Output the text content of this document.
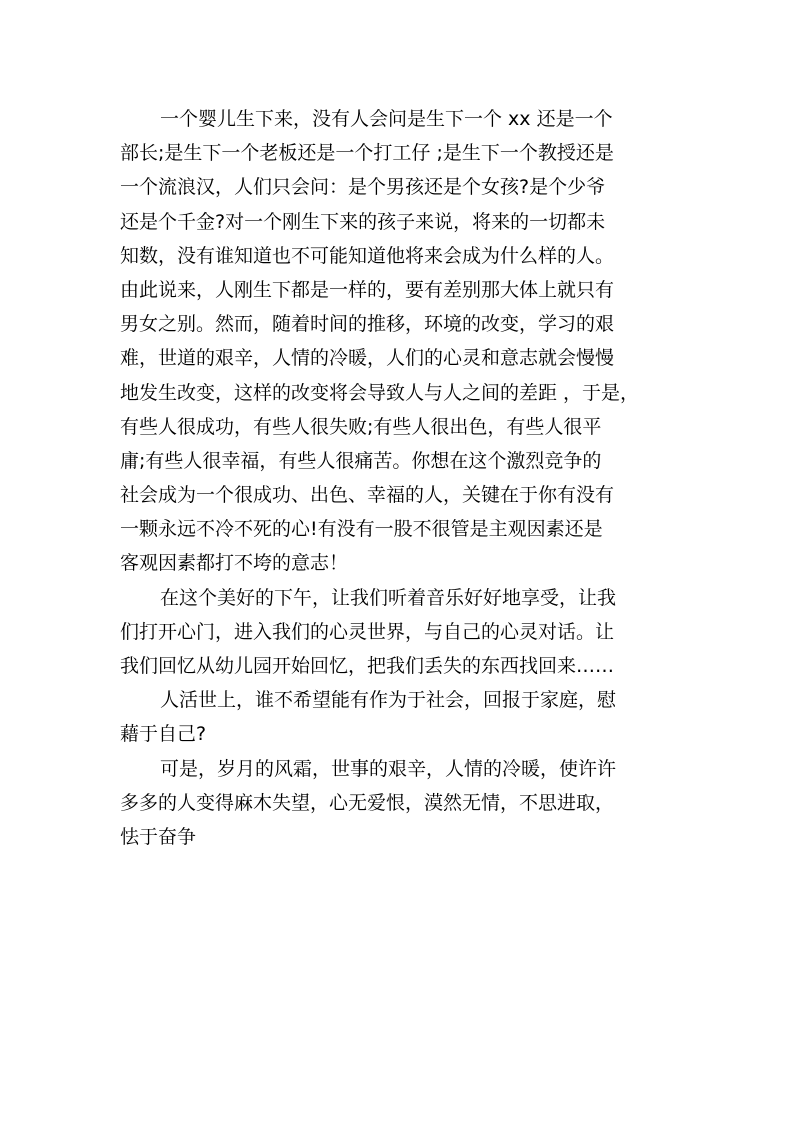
一个婴儿生下来，没有人会问是生下一个 xx 还是一个
部长;是生下一个老板还是一个打工仔 ;是生下一个教授还是
一个流浪汉，人们只会问：是个男孩还是个女孩?是个少爷
还是个千金?对一个刚生下来的孩子来说，将来的一切都未
知数，没有谁知道也不可能知道他将来会成为什么样的人。
由此说来，人刚生下都是一样的，要有差别那大体上就只有
男女之别。然而，随着时间的推移，环境的改变，学习的艰
难，世道的艰辛，人情的冷暖，人们的心灵和意志就会慢慢
地发生改变，这样的改变将会导致人与人之间的差距 ，于是，
有些人很成功，有些人很失败;有些人很出色，有些人很平
庸;有些人很幸福，有些人很痛苦。你想在这个激烈竞争的
社会成为一个很成功、出色、幸福的人，关键在于你有没有
一颗永远不冷不死的心!有没有一股不很管是主观因素还是
客观因素都打不垮的意志！
在这个美好的下午，让我们听着音乐好好地享受，让我
们打开心门，进入我们的心灵世界，与自己的心灵对话。让
我们回忆从幼儿园开始回忆，把我们丢失的东西找回来……
人活世上，谁不希望能有作为于社会，回报于家庭，慰
藉于自己?
可是，岁月的风霜，世事的艰辛，人情的冷暖，使许许
多多的人变得麻木失望，心无爱恨，漠然无情，不思进取，
怯于奋争
